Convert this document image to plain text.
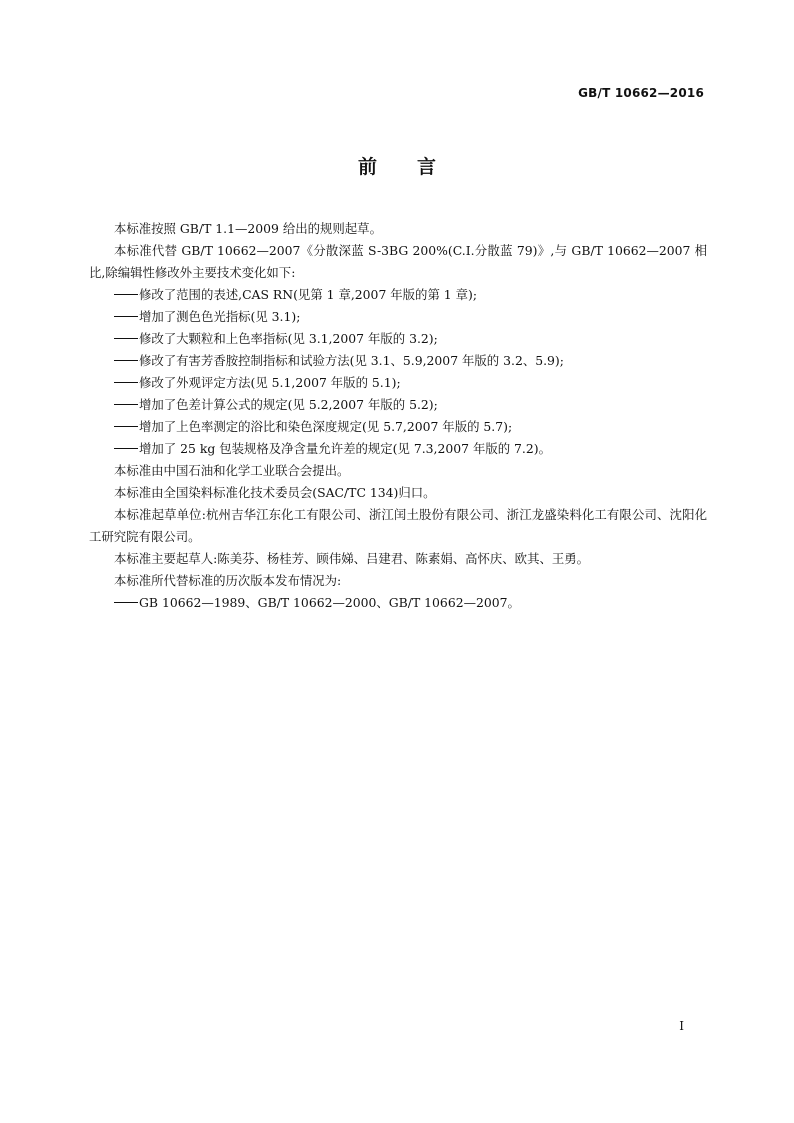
GB/T 10662—2016
前 言

本标准按照 GB/T 1.1—2009 给出的规则起草。

本标准代替 GB/T 10662—2007《分散深蓝 S-3BG 200%(C.I.分散蓝 79)》,与 GB/T 10662—2007 相比,除编辑性修改外主要技术变化如下:

修改了范围的表述,CAS RN(见第 1 章,2007 年版的第 1 章);

增加了测色色光指标(见 3.1);

修改了大颗粒和上色率指标(见 3.1,2007 年版的 3.2);

修改了有害芳香胺控制指标和试验方法(见 3.1、5.9,2007 年版的 3.2、5.9);

修改了外观评定方法(见 5.1,2007 年版的 5.1);

增加了色差计算公式的规定(见 5.2,2007 年版的 5.2);

增加了上色率测定的浴比和染色深度规定(见 5.7,2007 年版的 5.7);

增加了 25 kg 包装规格及净含量允许差的规定(见 7.3,2007 年版的 7.2)。

本标准由中国石油和化学工业联合会提出。

本标准由全国染料标准化技术委员会(SAC/TC 134)归口。

本标准起草单位:杭州吉华江东化工有限公司、浙江闰土股份有限公司、浙江龙盛染料化工有限公司、沈阳化工研究院有限公司。

本标准主要起草人:陈美芬、杨桂芳、顾伟娣、吕建君、陈素娟、高怀庆、欧其、王勇。

本标准所代替标准的历次版本发布情况为:

GB 10662—1989、GB/T 10662—2000、GB/T 10662—2007。

I
